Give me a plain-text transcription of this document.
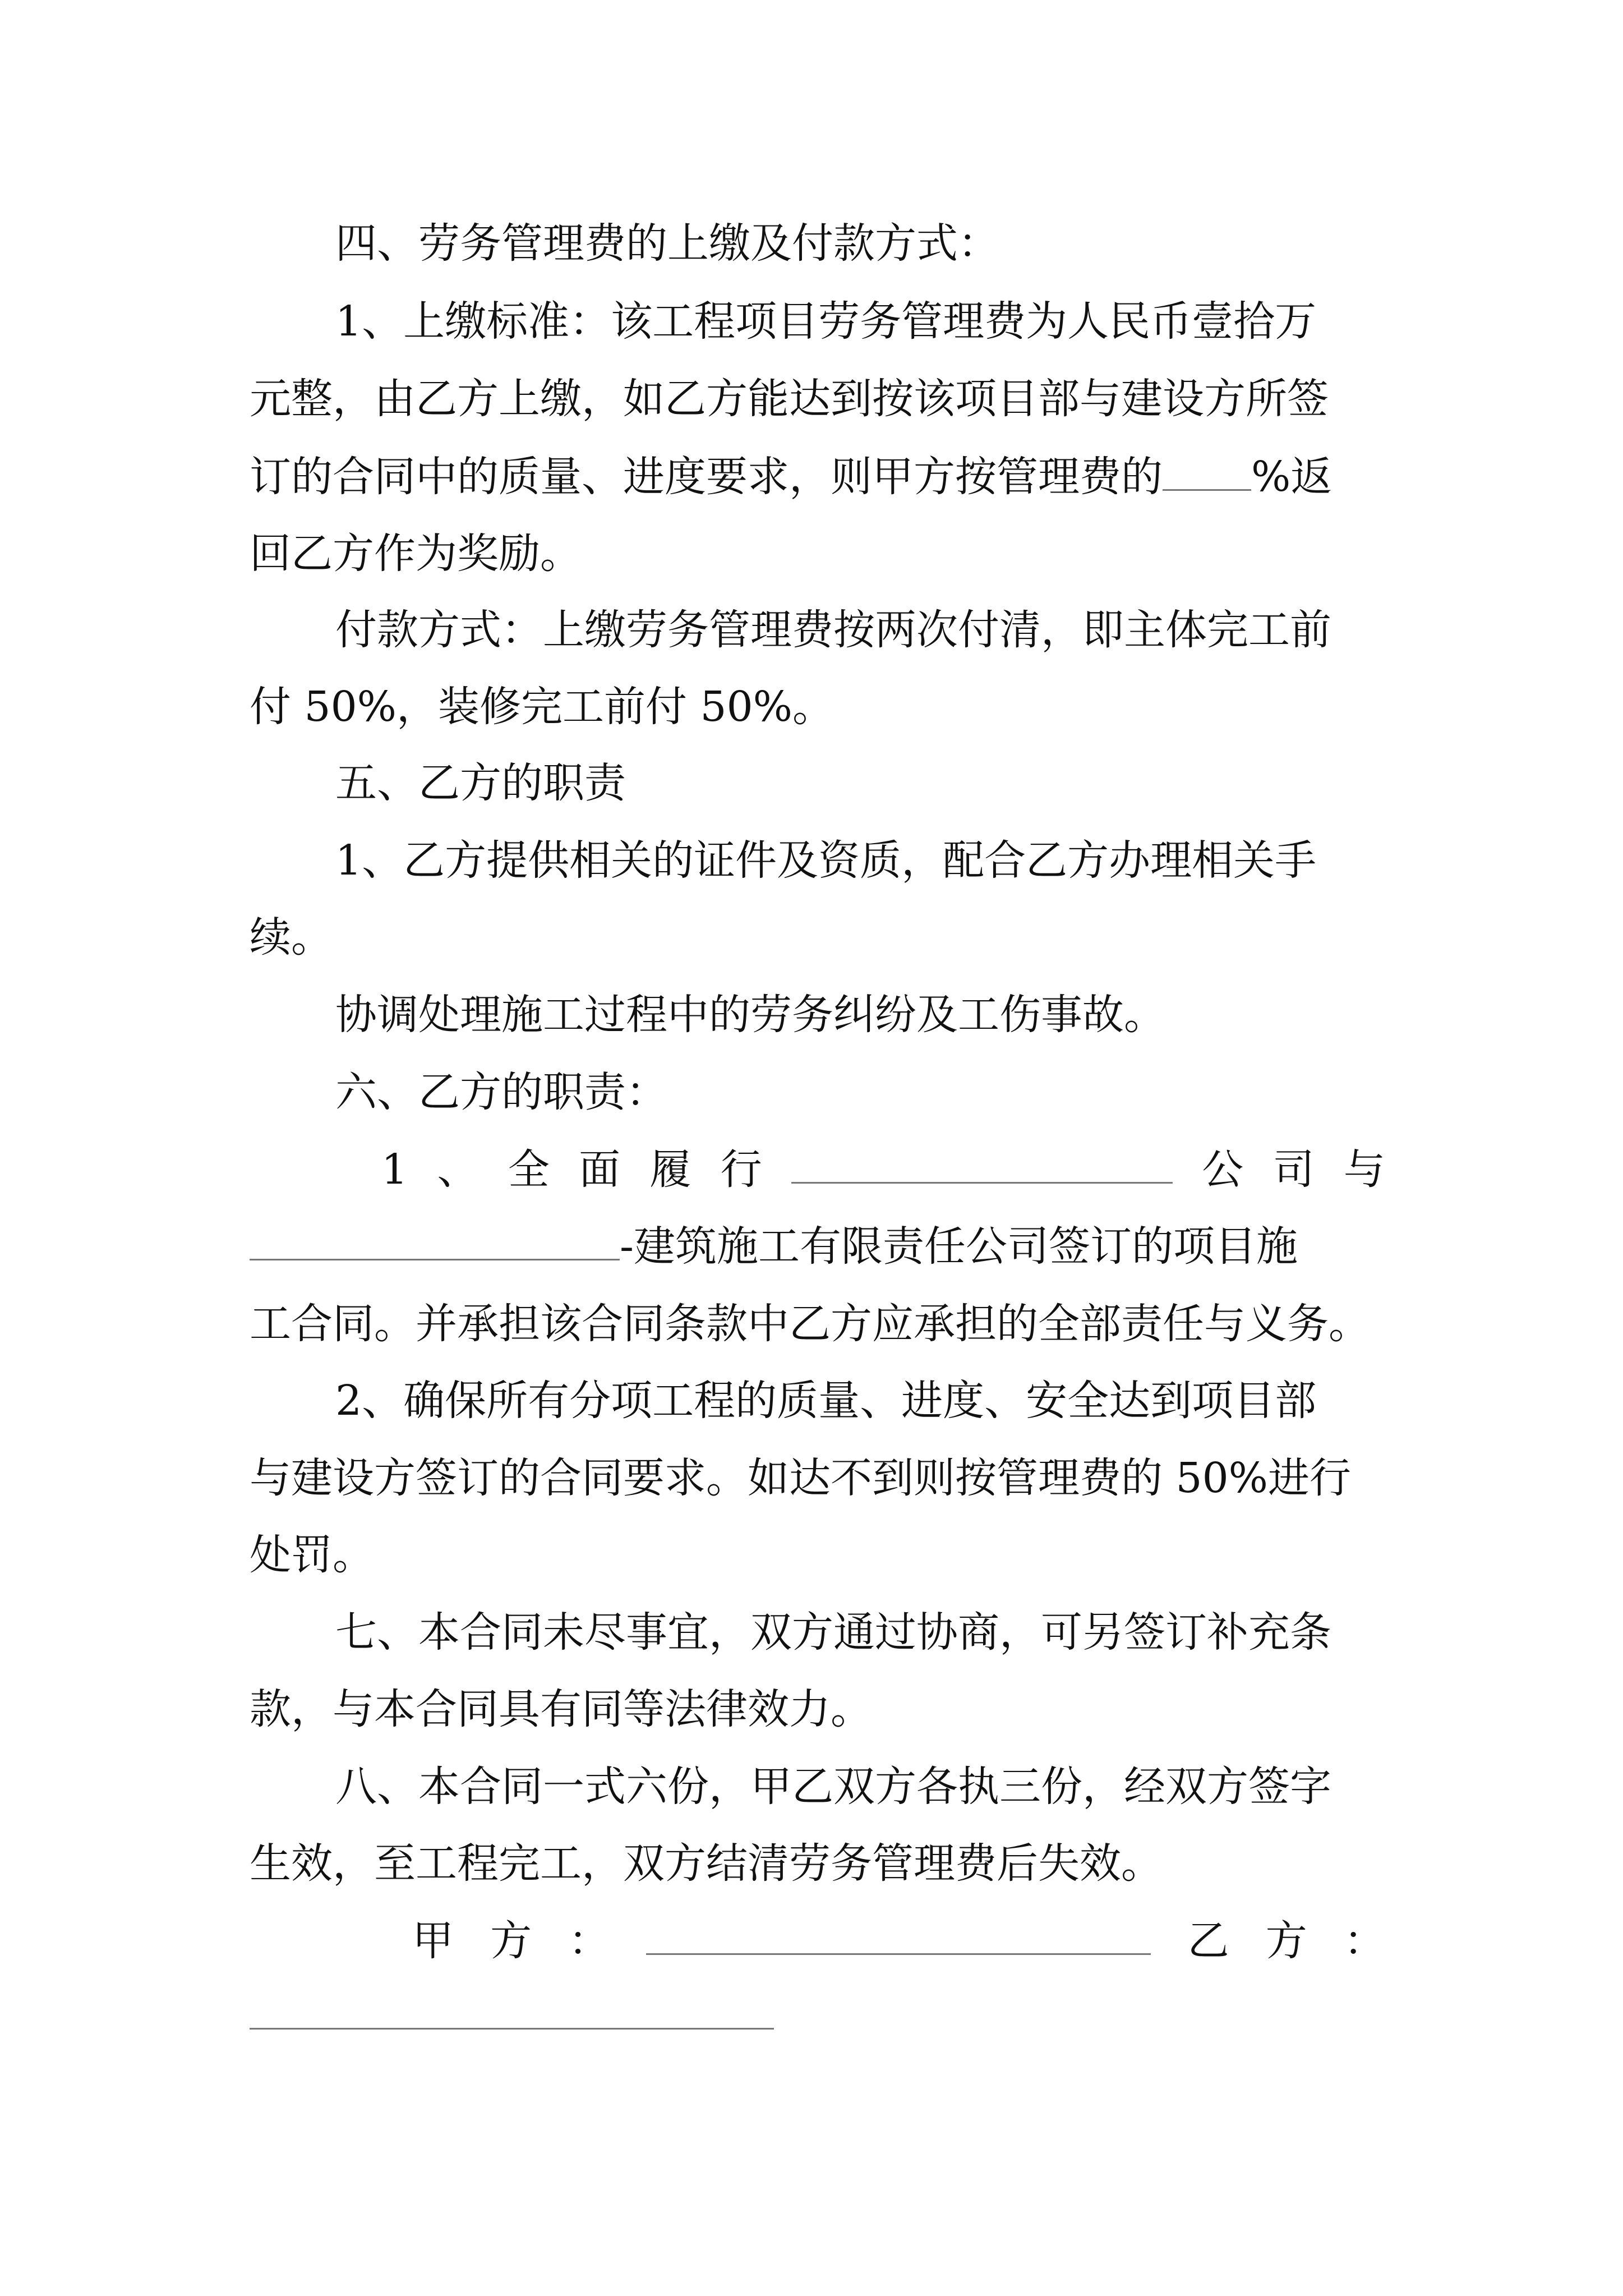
四、劳务管理费的上缴及付款方式：
1、上缴标准：该工程项目劳务管理费为人民币壹拾万
元整，由乙方上缴，如乙方能达到按该项目部与建设方所签
订的合同中的质量、进度要求，则甲方按管理费的 %返
回乙方作为奖励。
付款方式：上缴劳务管理费按两次付清，即主体完工前
付 50%，装修完工前付 50%。
五、乙方的职责
1、乙方提供相关的证件及资质，配合乙方办理相关手
续。
协调处理施工过程中的劳务纠纷及工伤事故。
六、乙方的职责：
1 、 全 面 履 行	公 司 与
-建筑施工有限责任公司签订的项目施
工合同。并承担该合同条款中乙方应承担的全部责任与义务。
2、确保所有分项工程的质量、进度、安全达到项目部
与建设方签订的合同要求。如达不到则按管理费的 50%进行
处罚。
七、本合同未尽事宜，双方通过协商，可另签订补充条
款，与本合同具有同等法律效力。
八、本合同一式六份，甲乙双方各执三份，经双方签字
生效，至工程完工，双方结清劳务管理费后失效。
甲 方 ：	乙 方 ：
